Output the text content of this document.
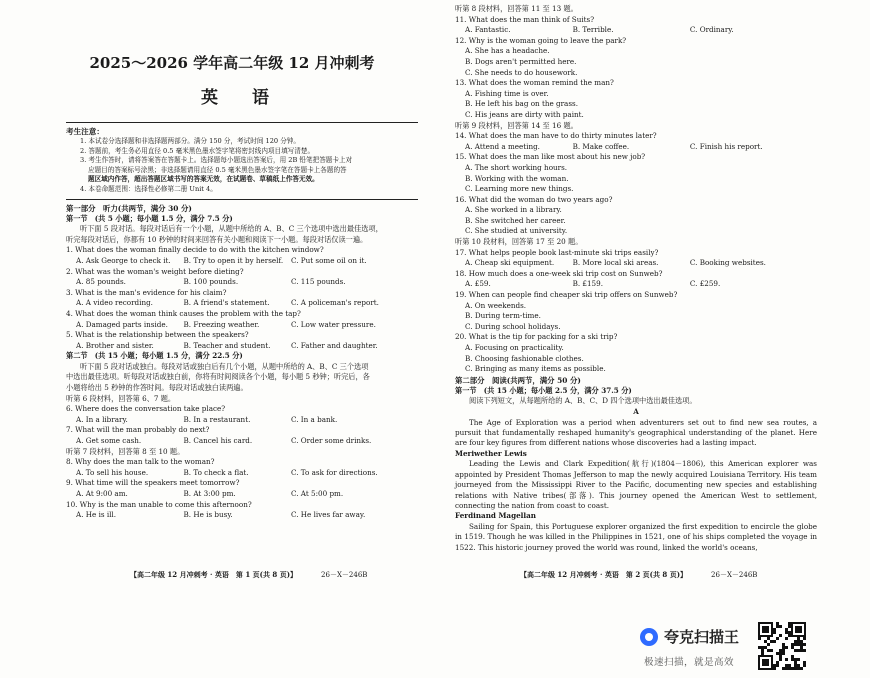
2025～2026 学年高二年级 12 月冲刺考
英 语
考生注意：
1. 本试卷分选择题和非选择题两部分。满分 150 分，考试时间 120 分钟。
2. 答题前，考生务必用直径 0.5 毫米黑色墨水签字笔将密封线内项目填写清楚。
3. 考生作答时，请将答案答在答题卡上。选择题每小题选出答案后，用 2B 铅笔把答题卡上对
应题目的答案标号涂黑；非选择题请用直径 0.5 毫米黑色墨水签字笔在答题卡上各题的答
题区域内作答，超出答题区域书写的答案无效，在试题卷、草稿纸上作答无效。
4. 本卷命题范围：选择性必修第二册 Unit 4。
第一部分　听力(共两节，满分 30 分)
第一节　(共 5 小题；每小题 1.5 分，满分 7.5 分)
听下面 5 段对话。每段对话后有一个小题，从题中所给的 A、B、C 三个选项中选出最佳选项，
听完每段对话后，你都有 10 秒钟的时间来回答有关小题和阅读下一小题。每段对话仅读一遍。
1. What does the woman finally decide to do with the kitchen window?
A. Ask George to check it.	B. Try to open it by herself.	C. Put some oil on it.
2. What was the woman's weight before dieting?
A. 85 pounds.	B. 100 pounds.	C. 115 pounds.
3. What is the man's evidence for his claim?
A. A video recording.	B. A friend's statement.	C. A policeman's report.
4. What does the woman think causes the problem with the tap?
A. Damaged parts inside.	B. Freezing weather.	C. Low water pressure.
5. What is the relationship between the speakers?
A. Brother and sister.	B. Teacher and student.	C. Father and daughter.
第二节　(共 15 小题；每小题 1.5 分，满分 22.5 分)
听下面 5 段对话或独白。每段对话或独白后有几个小题，从题中所给的 A、B、C 三个选项
中选出最佳选项。听每段对话或独白前，你将有时间阅读各个小题，每小题 5 秒钟；听完后，各
小题将给出 5 秒钟的作答时间。每段对话或独白读两遍。
听第 6 段材料，回答第 6、7 题。
6. Where does the conversation take place?
A. In a library.	B. In a restaurant.	C. In a bank.
7. What will the man probably do next?
A. Get some cash.	B. Cancel his card.	C. Order some drinks.
听第 7 段材料，回答第 8 至 10 题。
8. Why does the man talk to the woman?
A. To sell his house.	B. To check a flat.	C. To ask for directions.
9. What time will the speakers meet tomorrow?
A. At 9:00 am.	B. At 3:00 pm.	C. At 5:00 pm.
10. Why is the man unable to come this afternoon?
A. He is ill.	B. He is busy.	C. He lives far away.
【高二年级 12 月冲刺考 · 英语　第 1 页(共 8 页)】	26－X－246B
听第 8 段材料，回答第 11 至 13 题。
11. What does the man think of Suits?
A. Fantastic.	B. Terrible.	C. Ordinary.
12. Why is the woman going to leave the park?
A. She has a headache.
B. Dogs aren't permitted here.
C. She needs to do housework.
13. What does the woman remind the man?
A. Fishing time is over.
B. He left his bag on the grass.
C. His jeans are dirty with paint.
听第 9 段材料，回答第 14 至 16 题。
14. What does the man have to do thirty minutes later?
A. Attend a meeting.	B. Make coffee.	C. Finish his report.
15. What does the man like most about his new job?
A. The short working hours.
B. Working with the woman.
C. Learning more new things.
16. What did the woman do two years ago?
A. She worked in a library.
B. She switched her career.
C. She studied at university.
听第 10 段材料，回答第 17 至 20 题。
17. What helps people book last-minute ski trips easily?
A. Cheap ski equipment.	B. More local ski areas.	C. Booking websites.
18. How much does a one-week ski trip cost on Sunweb?
A. £59.	B. £159.	C. £259.
19. When can people find cheaper ski trip offers on Sunweb?
A. On weekends.
B. During term-time.
C. During school holidays.
20. What is the tip for packing for a ski trip?
A. Focusing on practicality.
B. Choosing fashionable clothes.
C. Bringing as many items as possible.
第二部分　阅读(共两节，满分 50 分)
第一节　(共 15 小题；每小题 2.5 分，满分 37.5 分)
阅读下列短文，从每题所给的 A、B、C、D 四个选项中选出最佳选项。
A
The Age of Exploration was a period when adventurers set out to find new sea routes, a pursuit that fundamentally reshaped humanity's geographical understanding of the planet. Here are four key figures from different nations whose discoveries had a lasting impact.
Meriwether Lewis
Leading the Lewis and Clark Expedition(航行)(1804－1806), this American explorer was appointed by President Thomas Jefferson to map the newly acquired Louisiana Territory. His team journeyed from the Mississippi River to the Pacific, documenting new species and establishing relations with Native tribes(部落). This journey opened the American West to settlement, connecting the nation from coast to coast.
Ferdinand Magellan
Sailing for Spain, this Portuguese explorer organized the first expedition to encircle the globe in 1519. Though he was killed in the Philippines in 1521, one of his ships completed the voyage in 1522. This historic journey proved the world was round, linked the world's oceans,
【高二年级 12 月冲刺考 · 英语　第 2 页(共 8 页)】	26－X－246B
夸克扫描王
极速扫描，就是高效
